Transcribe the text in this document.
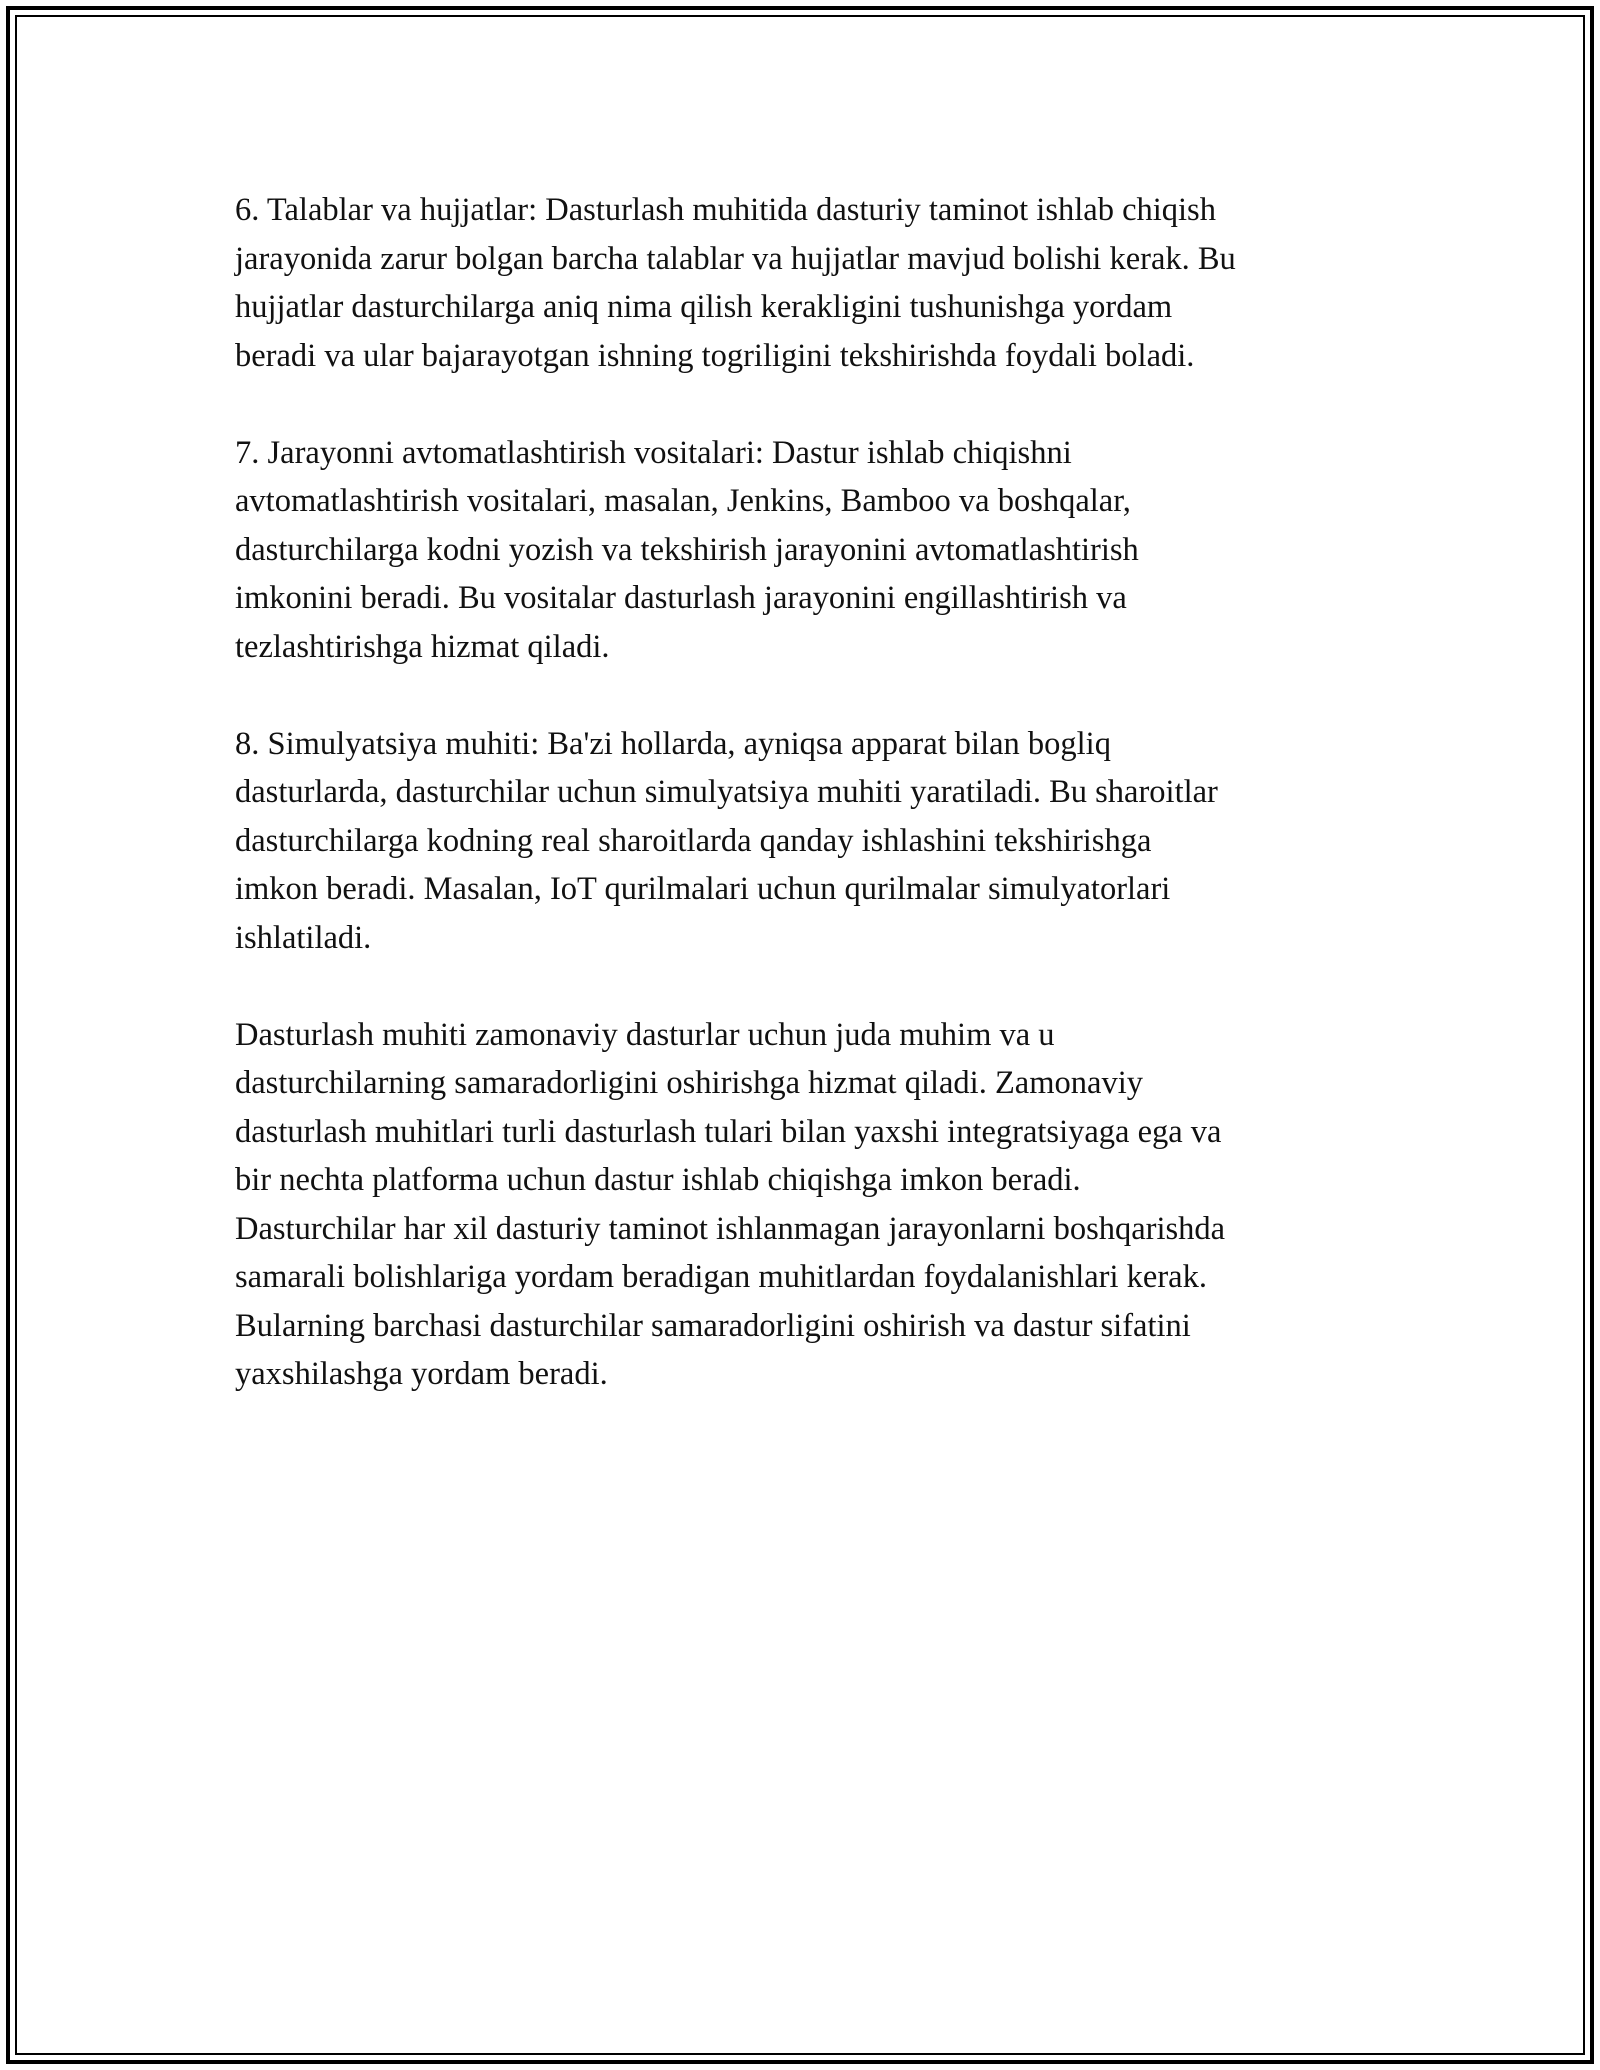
6. Talablar va hujjatlar: Dasturlash muhitida dasturiy taminot ishlab chiqish
jarayonida zarur bolgan barcha talablar va hujjatlar mavjud bolishi kerak. Bu
hujjatlar dasturchilarga aniq nima qilish kerakligini tushunishga yordam
beradi va ular bajarayotgan ishning togriligini tekshirishda foydali boladi.

7. Jarayonni avtomatlashtirish vositalari: Dastur ishlab chiqishni
avtomatlashtirish vositalari, masalan, Jenkins, Bamboo va boshqalar,
dasturchilarga kodni yozish va tekshirish jarayonini avtomatlashtirish
imkonini beradi. Bu vositalar dasturlash jarayonini engillashtirish va
tezlashtirishga hizmat qiladi.

8. Simulyatsiya muhiti: Ba'zi hollarda, ayniqsa apparat bilan bogliq
dasturlarda, dasturchilar uchun simulyatsiya muhiti yaratiladi. Bu sharoitlar
dasturchilarga kodning real sharoitlarda qanday ishlashini tekshirishga
imkon beradi. Masalan, IoT qurilmalari uchun qurilmalar simulyatorlari
ishlatiladi.

Dasturlash muhiti zamonaviy dasturlar uchun juda muhim va u
dasturchilarning samaradorligini oshirishga hizmat qiladi. Zamonaviy
dasturlash muhitlari turli dasturlash tulari bilan yaxshi integratsiyaga ega va
bir nechta platforma uchun dastur ishlab chiqishga imkon beradi.
Dasturchilar har xil dasturiy taminot ishlanmagan jarayonlarni boshqarishda
samarali bolishlariga yordam beradigan muhitlardan foydalanishlari kerak.
Bularning barchasi dasturchilar samaradorligini oshirish va dastur sifatini
yaxshilashga yordam beradi.
